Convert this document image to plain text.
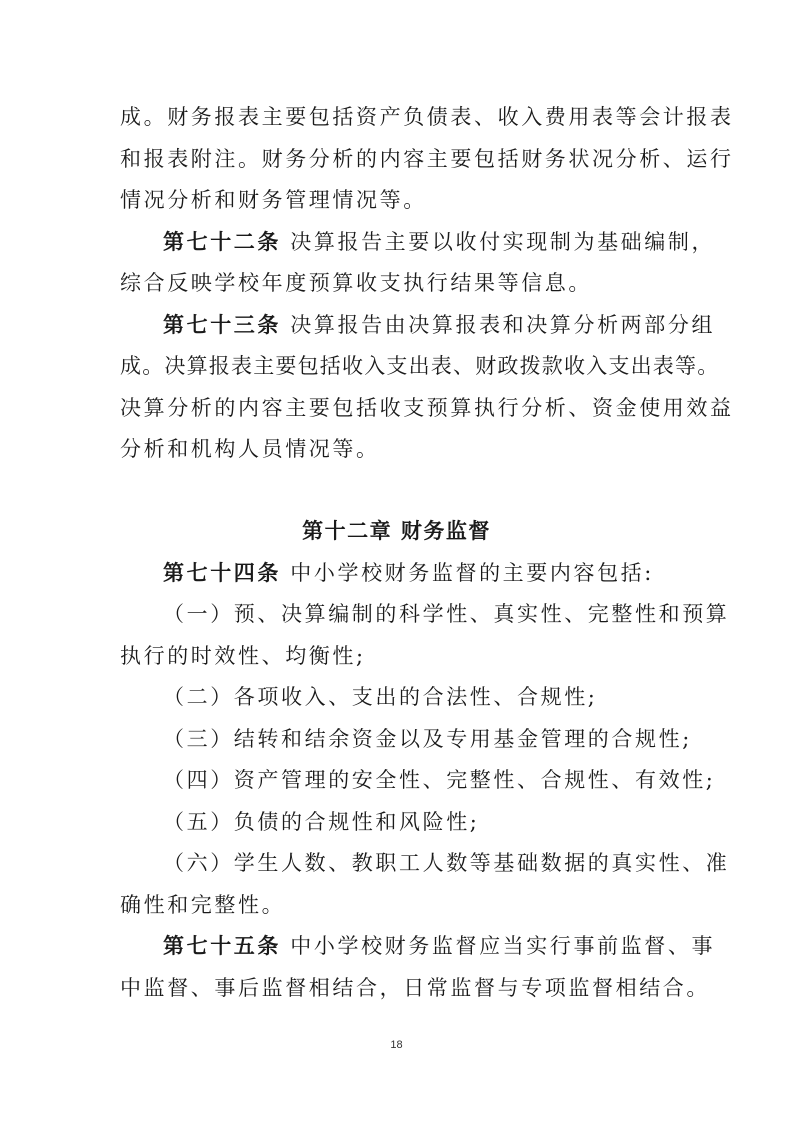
成。财务报表主要包括资产负债表、收入费用表等会计报表
和报表附注。财务分析的内容主要包括财务状况分析、运行
情况分析和财务管理情况等。
第七十二条 决算报告主要以收付实现制为基础编制，
综合反映学校年度预算收支执行结果等信息。
第七十三条 决算报告由决算报表和决算分析两部分组
成。决算报表主要包括收入支出表、财政拨款收入支出表等。
决算分析的内容主要包括收支预算执行分析、资金使用效益
分析和机构人员情况等。
第十二章 财务监督
第七十四条 中小学校财务监督的主要内容包括:
（一）预、决算编制的科学性、真实性、完整性和预算
执行的时效性、均衡性;
（二）各项收入、支出的合法性、合规性;
（三）结转和结余资金以及专用基金管理的合规性;
（四）资产管理的安全性、完整性、合规性、有效性;
（五）负债的合规性和风险性;
（六）学生人数、教职工人数等基础数据的真实性、准
确性和完整性。
第七十五条 中小学校财务监督应当实行事前监督、事
中监督、事后监督相结合，日常监督与专项监督相结合。
18
